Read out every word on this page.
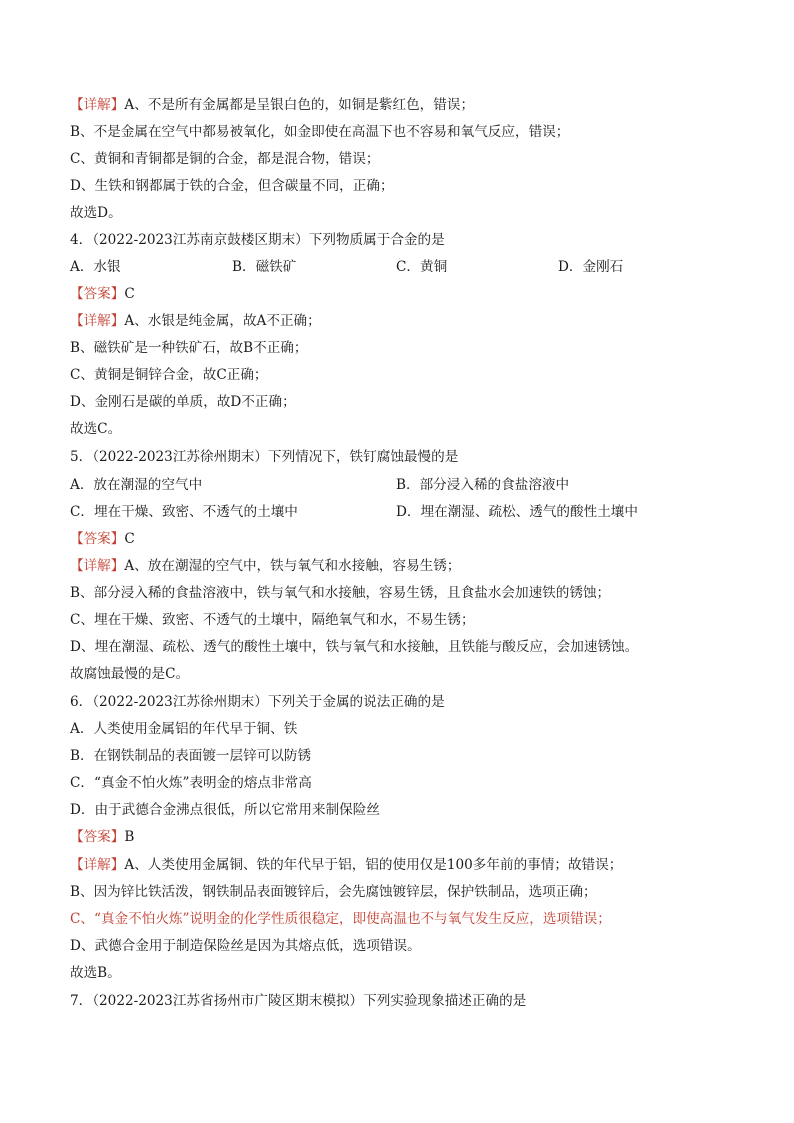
【详解】A、不是所有金属都是呈银白色的，如铜是紫红色，错误；
B、不是金属在空气中都易被氧化，如金即使在高温下也不容易和氧气反应，错误；
C、黄铜和青铜都是铜的合金，都是混合物，错误；
D、生铁和钢都属于铁的合金，但含碳量不同，正确；
故选D。
4．（2022-2023江苏南京鼓楼区期末）下列物质属于合金的是
A．水银	B．磁铁矿	C．黄铜	D．金刚石
【答案】C
【详解】A、水银是纯金属，故A不正确；
B、磁铁矿是一种铁矿石，故B不正确；
C、黄铜是铜锌合金，故C正确；
D、金刚石是碳的单质，故D不正确；
故选C。
5．（2022-2023江苏徐州期末）下列情况下，铁钉腐蚀最慢的是
A．放在潮湿的空气中	B．部分浸入稀的食盐溶液中
C．埋在干燥、致密、不透气的土壤中	D．埋在潮湿、疏松、透气的酸性土壤中
【答案】C
【详解】A、放在潮湿的空气中，铁与氧气和水接触，容易生锈；
B、部分浸入稀的食盐溶液中，铁与氧气和水接触，容易生锈，且食盐水会加速铁的锈蚀；
C、埋在干燥、致密、不透气的土壤中，隔绝氧气和水，不易生锈；
D、埋在潮湿、疏松、透气的酸性土壤中，铁与氧气和水接触，且铁能与酸反应，会加速锈蚀。
故腐蚀最慢的是C。
6．（2022-2023江苏徐州期末）下列关于金属的说法正确的是
A．人类使用金属铝的年代早于铜、铁
B．在钢铁制品的表面镀一层锌可以防锈
C．“真金不怕火炼”表明金的熔点非常高
D．由于武德合金沸点很低，所以它常用来制保险丝
【答案】B
【详解】A、人类使用金属铜、铁的年代早于铝，铝的使用仅是100多年前的事情；故错误；
B、因为锌比铁活泼，钢铁制品表面镀锌后，会先腐蚀镀锌层，保护铁制品，选项正确；
C、“真金不怕火炼”说明金的化学性质很稳定，即使高温也不与氧气发生反应，选项错误；
D、武德合金用于制造保险丝是因为其熔点低，选项错误。
故选B。
7．（2022-2023江苏省扬州市广陵区期末模拟）下列实验现象描述正确的是
